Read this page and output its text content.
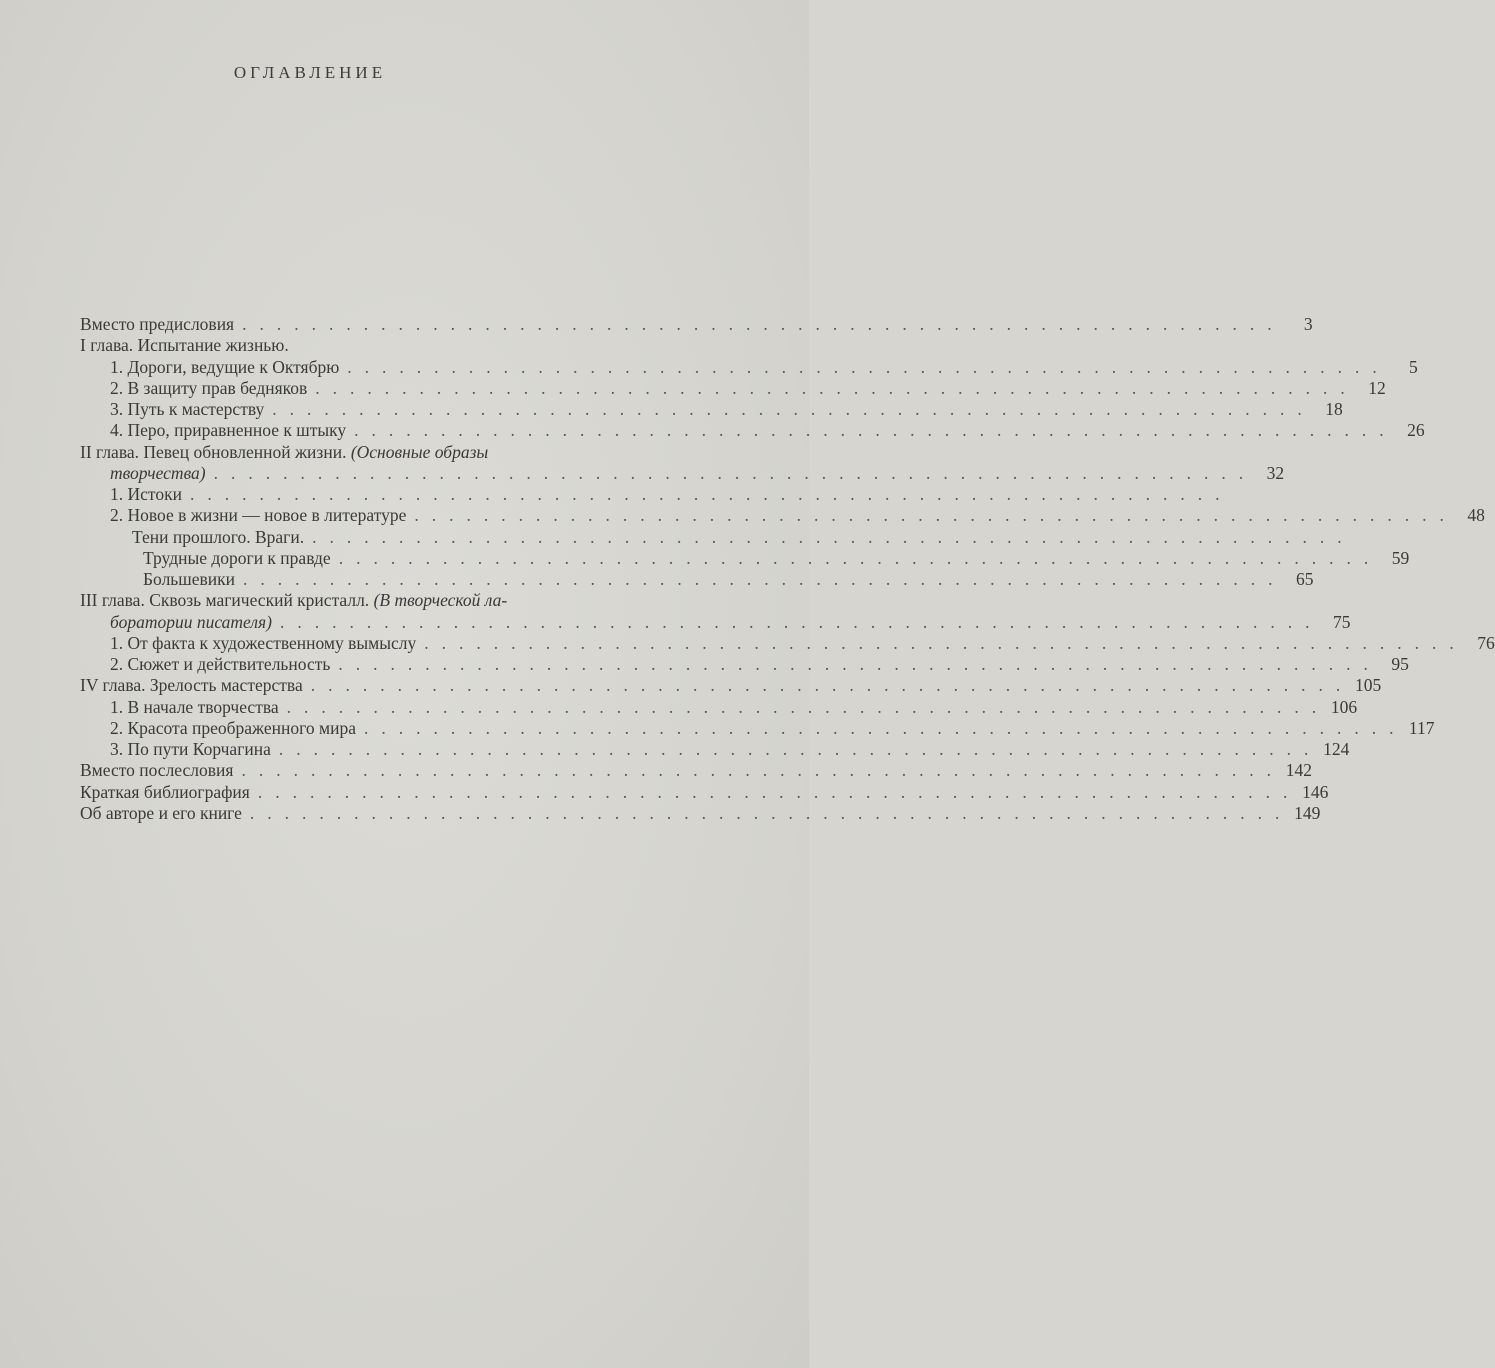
ОГЛАВЛЕНИЕ
Вместо предисловия ............................................................	3
I глава. Испытание жизнью.
1. Дороги, ведущие к Октябрю ............................................................	5
2. В защиту прав бедняков ............................................................ 12
3. Путь к мастерству ............................................................ 18
4. Перо, приравненное к штыку ............................................................ 26
II глава. Певец обновленной жизни. (Основные образы
творчества) ............................................................ 32
1. Истоки ............................................................
2. Новое в жизни — новое в литературе ............................................................ 48
Тени прошлого. Враги. ............................................................
Трудные дороги к правде ............................................................ 59
Большевики ............................................................ 65
III глава. Сквозь магический кристалл. (В творческой ла-
боратории писателя) ............................................................ 75
1. От факта к художественному вымыслу ............................................................ 76
2. Сюжет и действительность ............................................................ 95
IV глава. Зрелость мастерства ............................................................ 105
1. В начале творчества ............................................................ 106
2. Красота преображенного мира ............................................................ 117
3. По пути Корчагина ............................................................ 124
Вместо послесловия ............................................................ 142
Краткая библиография ............................................................ 146
Об авторе и его книге ............................................................ 149
